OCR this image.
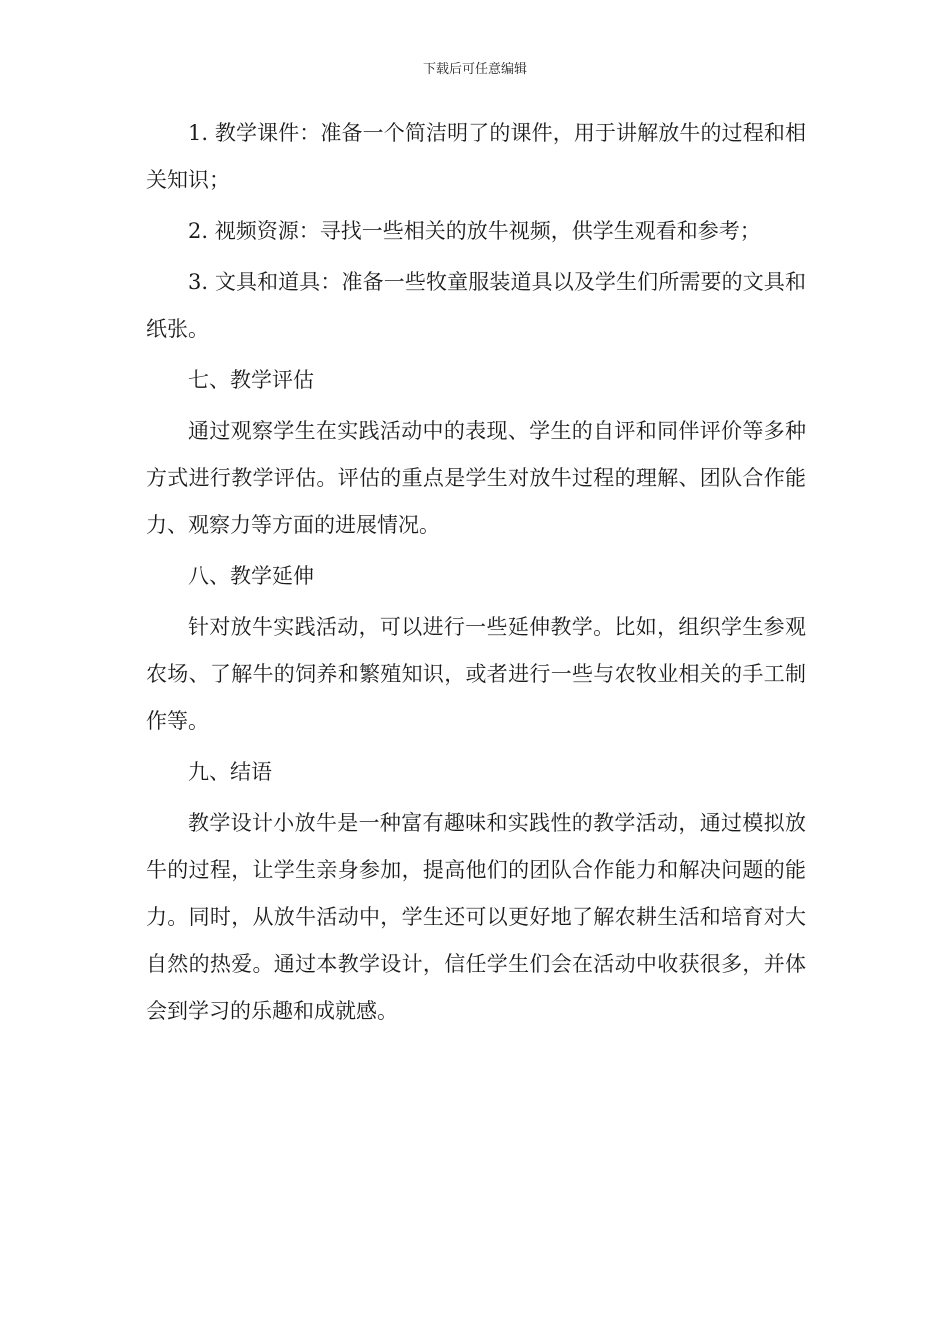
下载后可任意编辑

1. 教学课件：准备一个简洁明了的课件，用于讲解放牛的过程和相关知识；

2. 视频资源：寻找一些相关的放牛视频，供学生观看和参考；

3. 文具和道具：准备一些牧童服装道具以及学生们所需要的文具和纸张。

七、教学评估

通过观察学生在实践活动中的表现、学生的自评和同伴评价等多种方式进行教学评估。评估的重点是学生对放牛过程的理解、团队合作能力、观察力等方面的进展情况。

八、教学延伸

针对放牛实践活动，可以进行一些延伸教学。比如，组织学生参观农场、了解牛的饲养和繁殖知识，或者进行一些与农牧业相关的手工制作等。

九、结语

教学设计小放牛是一种富有趣味和实践性的教学活动，通过模拟放牛的过程，让学生亲身参加，提高他们的团队合作能力和解决问题的能力。同时，从放牛活动中，学生还可以更好地了解农耕生活和培育对大自然的热爱。通过本教学设计，信任学生们会在活动中收获很多，并体会到学习的乐趣和成就感。
